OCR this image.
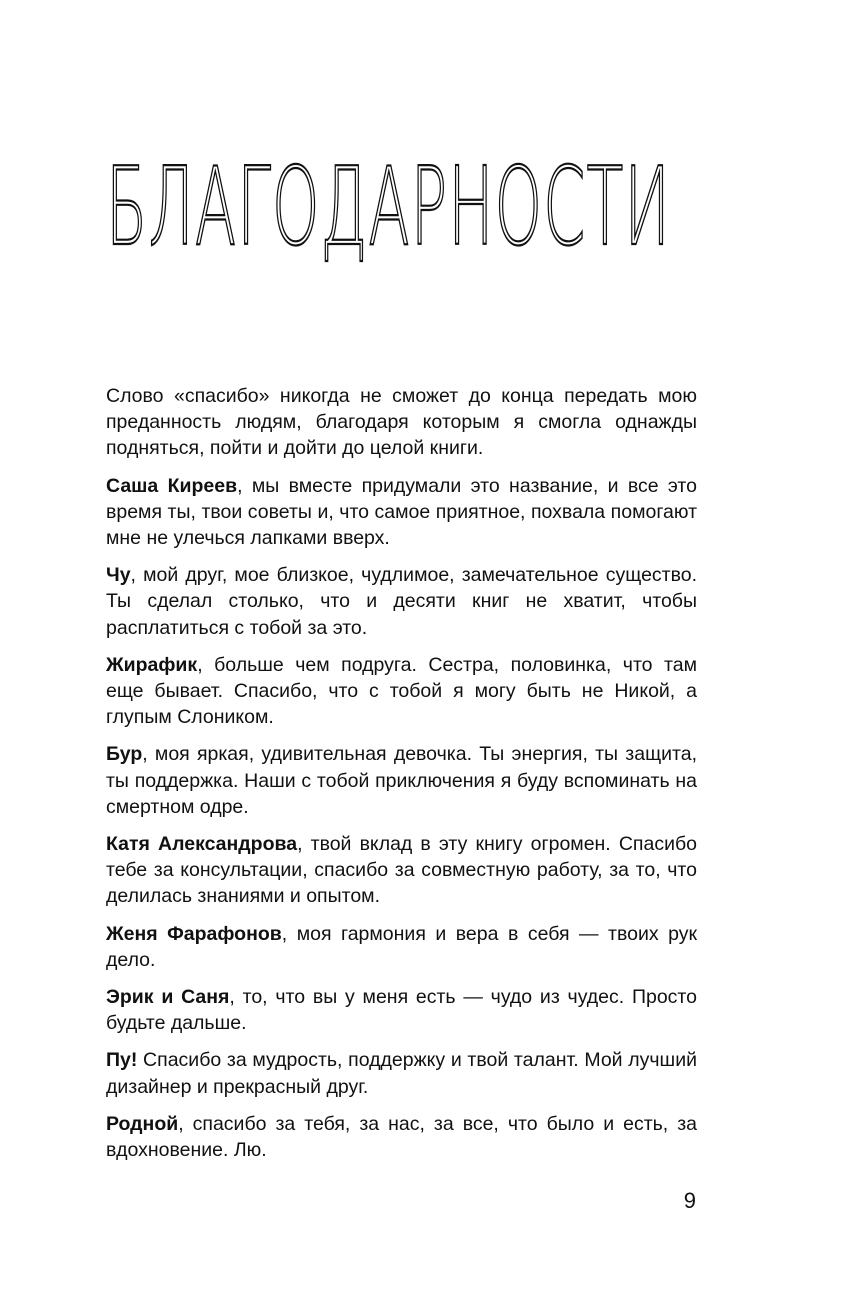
БЛАГОДАРНОСТИ

Слово «спасибо» никогда не сможет до конца передать мою преданность людям, благодаря которым я смогла однажды подняться, пойти и дойти до целой книги.

Саша Киреев, мы вместе придумали это название, и все это время ты, твои советы и, что самое приятное, похвала помогают мне не улечься лапками вверх.

Чу, мой друг, мое близкое, чудлимое, замечательное существо. Ты сделал столько, что и десяти книг не хватит, чтобы расплатиться с тобой за это.

Жирафик, больше чем подруга. Сестра, половинка, что там еще бывает. Спасибо, что с тобой я могу быть не Никой, а глупым Слоником.

Бур, моя яркая, удивительная девочка. Ты энергия, ты защита, ты поддержка. Наши с тобой приключения я буду вспоминать на смертном одре.

Катя Александрова, твой вклад в эту книгу огромен. Спасибо тебе за консультации, спасибо за совместную работу, за то, что делилась знаниями и опытом.

Женя Фарафонов, моя гармония и вера в себя — твоих рук дело.

Эрик и Саня, то, что вы у меня есть — чудо из чудес. Просто будьте дальше.

Пу! Спасибо за мудрость, поддержку и твой талант. Мой лучший дизайнер и прекрасный друг.

Родной, спасибо за тебя, за нас, за все, что было и есть, за вдохновение. Лю.

9
